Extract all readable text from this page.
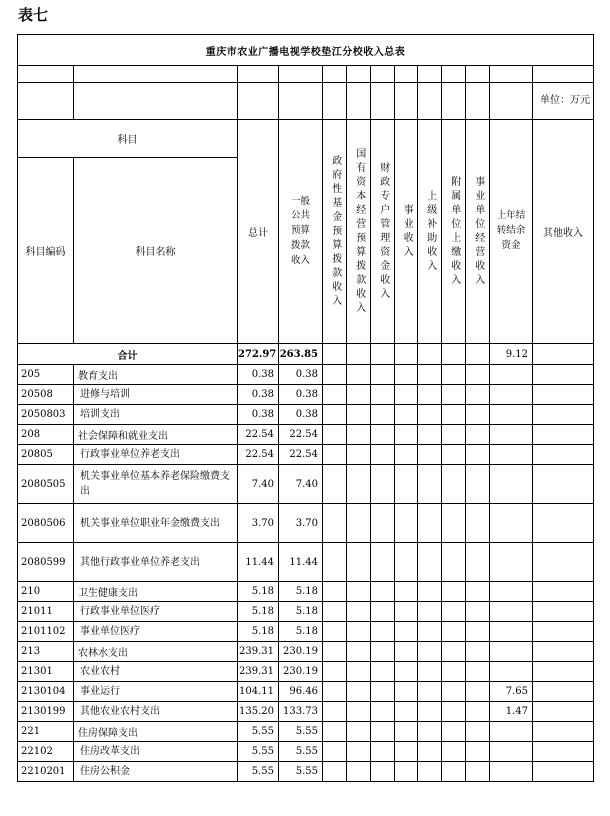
表七
重庆市农业广播电视学校垫江分校收入总表												

												单位：万元
科目		总计	一般公共预算拨款收入	政府性基金预算拨款收入	国有资本经营预算拨款收入	财政专户管理资金收入	事业收入	上级补助收入	附属单位上缴收入	事业单位经营收入	上年结转结余资金	其他收入
科目编码	科目名称											
合计		272.97	263.85								9.12	
205	教育支出	0.38	0.38									
20508	进修与培训	0.38	0.38									
2050803	培训支出	0.38	0.38									
208	社会保障和就业支出	22.54	22.54									
20805	行政事业单位养老支出	22.54	22.54									
2080505	机关事业单位基本养老保险缴费支出	7.40	7.40									
2080506	机关事业单位职业年金缴费支出	3.70	3.70									
2080599	其他行政事业单位养老支出	11.44	11.44									
210	卫生健康支出	5.18	5.18									
21011	行政事业单位医疗	5.18	5.18									
2101102	事业单位医疗	5.18	5.18									
213	农林水支出	239.31	230.19									
21301	农业农村	239.31	230.19									
2130104	事业运行	104.11	96.46								7.65	
2130199	其他农业农村支出	135.20	133.73								1.47	
221	住房保障支出	5.55	5.55									
22102	住房改革支出	5.55	5.55									
2210201	住房公积金	5.55	5.55									
